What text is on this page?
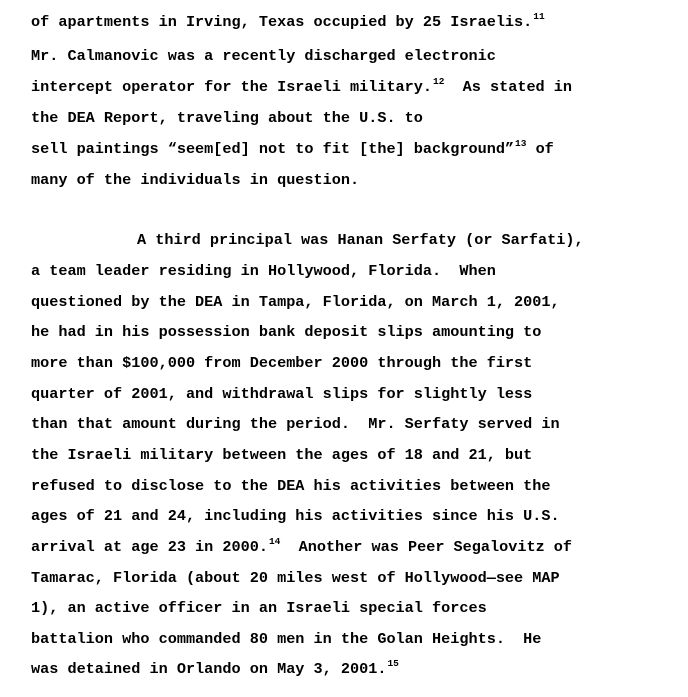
of apartments in Irving, Texas occupied by 25 Israelis.$^{11}$
Mr. Calmanovic was a recently discharged electronic
intercept operator for the Israeli military.$^{12}$  As stated in
the DEA Report, traveling about the U.S. to
sell paintings “seem[ed] not to fit [the] background”$^{13}$ of
many of the individuals in question.
A third principal was Hanan Serfaty (or Sarfati),
a team leader residing in Hollywood, Florida.  When
questioned by the DEA in Tampa, Florida, on March 1, 2001,
he had in his possession bank deposit slips amounting to
more than $100,000 from December 2000 through the first
quarter of 2001, and withdrawal slips for slightly less
than that amount during the period.  Mr. Serfaty served in
the Israeli military between the ages of 18 and 21, but
refused to disclose to the DEA his activities between the
ages of 21 and 24, including his activities since his U.S.
arrival at age 23 in 2000.14  Another was Peer Segalovitz of
Tamarac, Florida (about 20 miles west of Hollywood—see MAP
1), an active officer in an Israeli special forces
battalion who commanded 80 men in the Golan Heights.  He
was detained in Orlando on May 3, 2001.15
